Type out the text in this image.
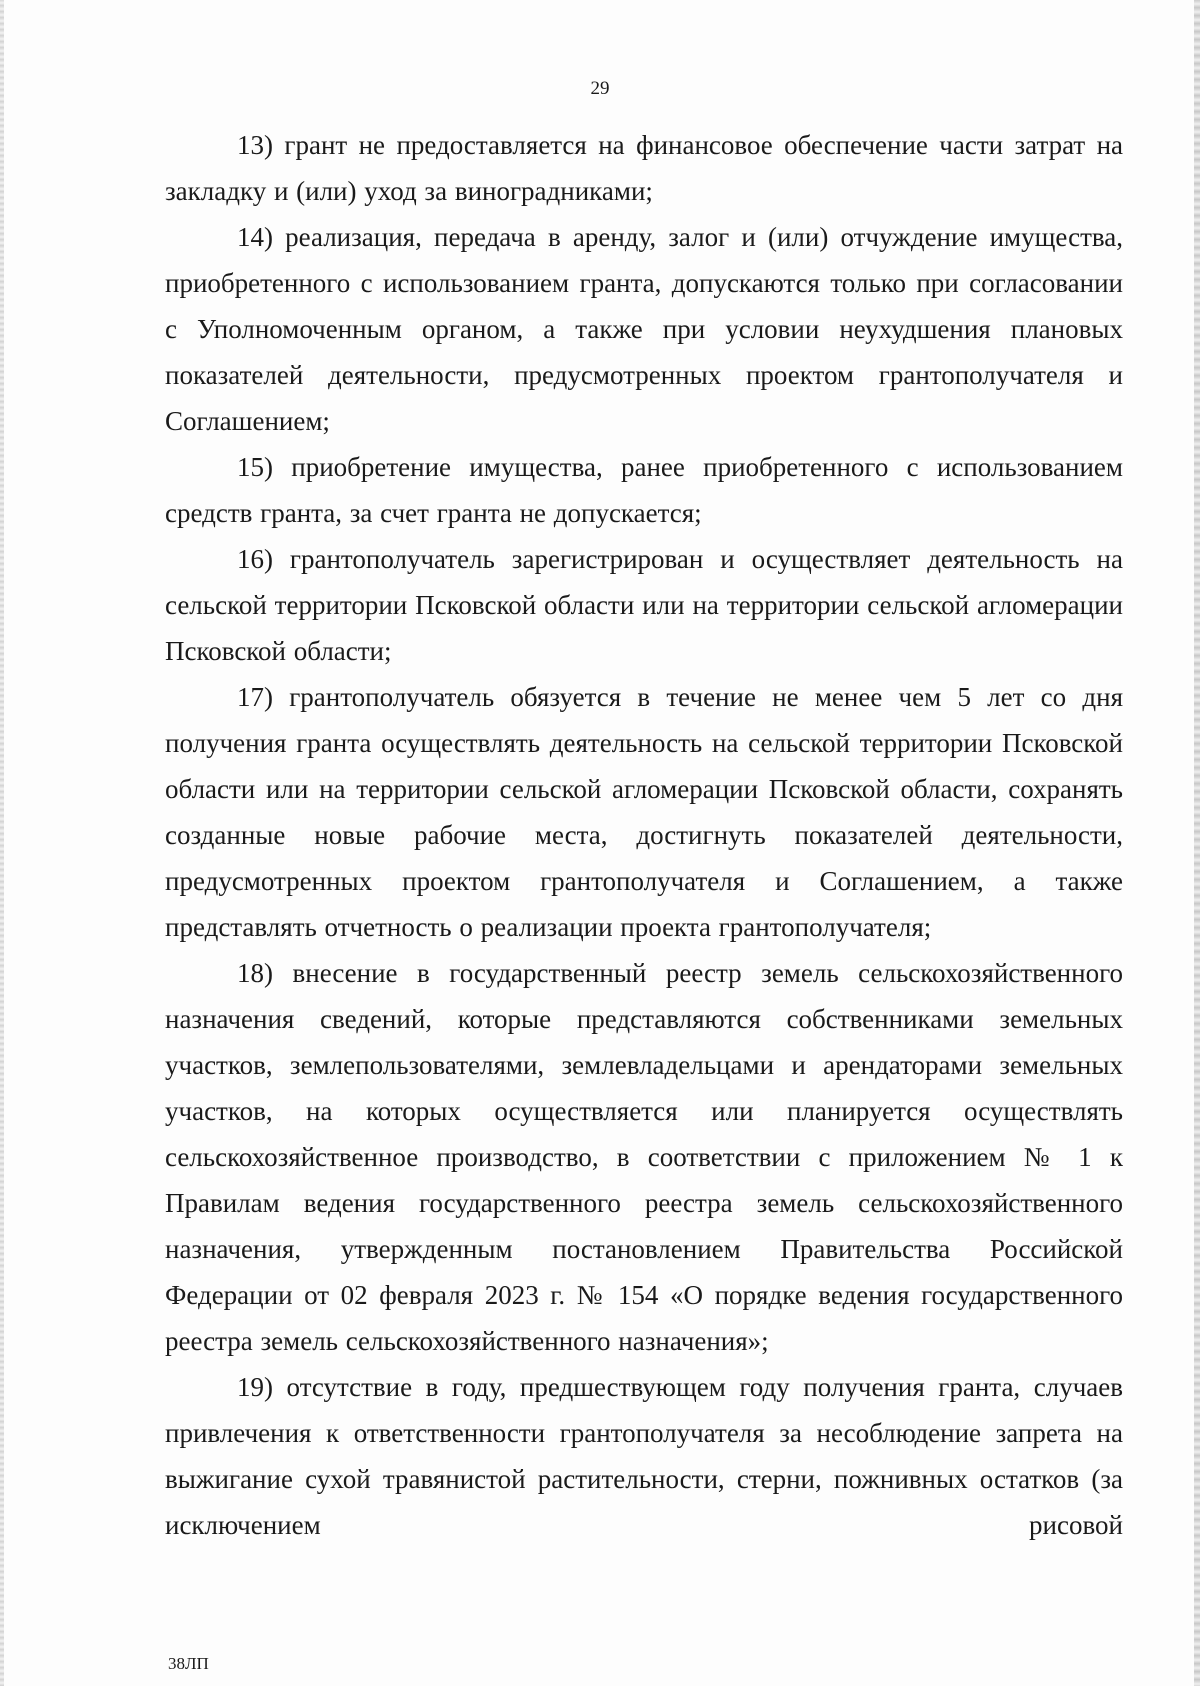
29

13) грант не предоставляется на финансовое обеспечение части затрат на закладку и (или) уход за виноградниками;

14) реализация, передача в аренду, залог и (или) отчуждение имущества, приобретенного с использованием гранта, допускаются только при согласовании с Уполномоченным органом, а также при условии неухудшения плановых показателей деятельности, предусмотренных проектом грантополучателя и Соглашением;

15) приобретение имущества, ранее приобретенного с использованием средств гранта, за счет гранта не допускается;

16) грантополучатель зарегистрирован и осуществляет деятельность на сельской территории Псковской области или на территории сельской агломерации Псковской области;

17) грантополучатель обязуется в течение не менее чем 5 лет со дня получения гранта осуществлять деятельность на сельской территории Псковской области или на территории сельской агломерации Псковской области, сохранять созданные новые рабочие места, достигнуть показателей деятельности, предусмотренных проектом грантополучателя и Соглашением, а также представлять отчетность о реализации проекта грантополучателя;

18) внесение в государственный реестр земель сельскохозяйственного назначения сведений, которые представляются собственниками земельных участков, землепользователями, землевладельцами и арендаторами земельных участков, на которых осуществляется или планируется осуществлять сельскохозяйственное производство, в соответствии с приложением № 1 к Правилам ведения государственного реестра земель сельскохозяйственного назначения, утвержденным постановлением Правительства Российской Федерации от 02 февраля 2023 г. № 154 «О порядке ведения государственного реестра земель сельскохозяйственного назначения»;

19) отсутствие в году, предшествующем году получения гранта, случаев привлечения к ответственности грантополучателя за несоблюдение запрета на выжигание сухой травянистой растительности, стерни, пожнивных остатков (за исключением рисовой

38ЛП
